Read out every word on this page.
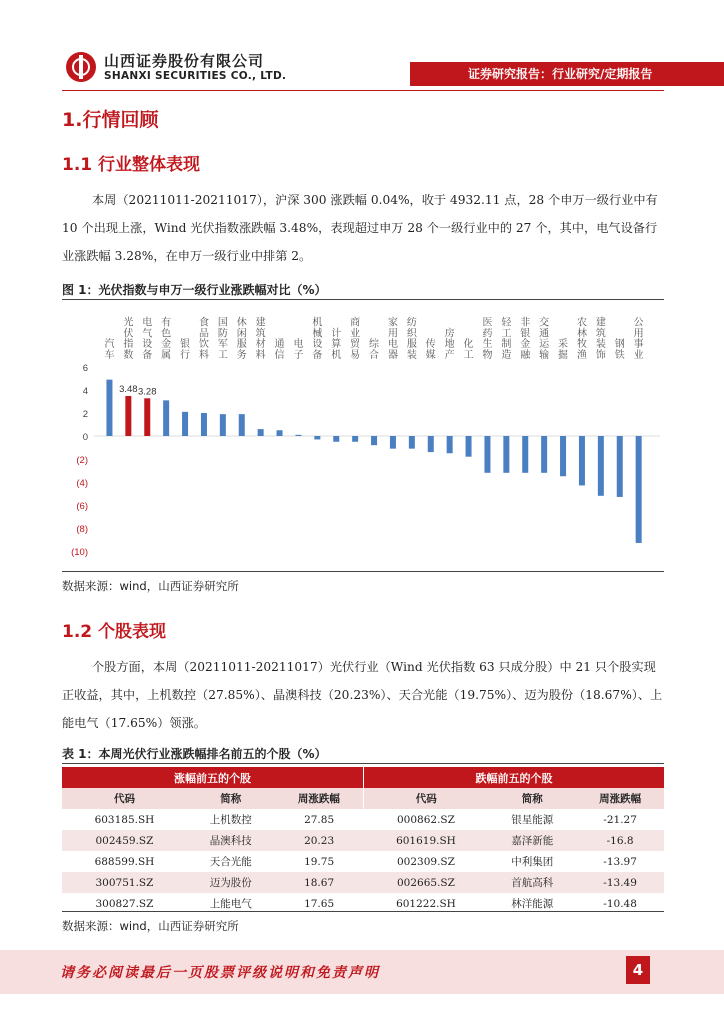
山西证券股份有限公司
SHANXI SECURITIES CO., LTD.	证券研究报告：行业研究/定期报告
1.行情回顾
1.1 行业整体表现
本周（20211011-20211017），沪深 300 涨跌幅 0.04%，收于 4932.11 点，28 个申万一级行业中有 10 个出现上涨，Wind 光伏指数涨跌幅 3.48%，表现超过申万 28 个一级行业中的 27 个，其中，电气设备行业涨跌幅 3.28%，在申万一级行业中排第 2。
图 1：光伏指数与申万一级行业涨跌幅对比（%）
6
4
2
0
(2)
(4)
(6)
(8)
(10)
汽
车
光
伏
指
数
3.48
电
气
设
备
3.28
有
色
金
属
银
行
食
品
饮
料
国
防
军
工
休
闲
服
务
建
筑
材
料
通
信
电
子
机
械
设
备
计
算
机
商
业
贸
易
综
合
家
用
电
器
纺
织
服
装
传
媒
房
地
产
化
工
医
药
生
物
轻
工
制
造
非
银
金
融
交
通
运
输
采
掘
农
林
牧
渔
建
筑
装
饰
钢
铁
公
用
事
业
数据来源：wind，山西证券研究所
1.2 个股表现
个股方面，本周（20211011-20211017）光伏行业（Wind 光伏指数 63 只成分股）中 21 只个股实现正收益，其中，上机数控（27.85%）、晶澳科技（20.23%）、天合光能（19.75%）、迈为股份（18.67%）、上能电气（17.65%）领涨。
表 1：本周光伏行业涨跌幅排名前五的个股（%）
涨幅前五的个股			跌幅前五的个股		
代码	简称	周涨跌幅	代码	简称	周涨跌幅
603185.SH	上机数控	27.85	000862.SZ	银星能源	-21.27
002459.SZ	晶澳科技	20.23	601619.SH	嘉泽新能	-16.8
688599.SH	天合光能	19.75	002309.SZ	中利集团	-13.97
300751.SZ	迈为股份	18.67	002665.SZ	首航高科	-13.49
300827.SZ	上能电气	17.65	601222.SH	林洋能源	-10.48
数据来源：wind，山西证券研究所
请务必阅读最后一页股票评级说明和免责声明	4
